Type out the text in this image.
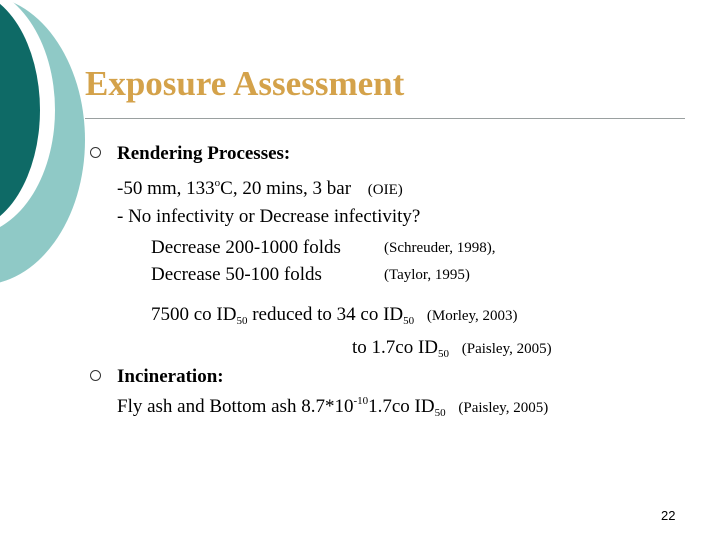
Exposure Assessment
Rendering Processes:
-50 mm, 133$^o$C, 20 mins, 3 bar (OIE)
- No infectivity or Decrease infectivity?
Decrease 200-1000 folds	(Schreuder, 1998),
Decrease 50-100 folds	(Taylor, 1995)
7500 co $ID_{50}$ reduced to 34 co $ID_{50}$ (Morley, 2003)
to 1.7co $ID_{50}$ (Paisley, 2005)
Incineration:
Fly ash and Bottom ash $8.7*10^{-10}1.7co$ $ID_{50}$ (Paisley, 2005)
22
